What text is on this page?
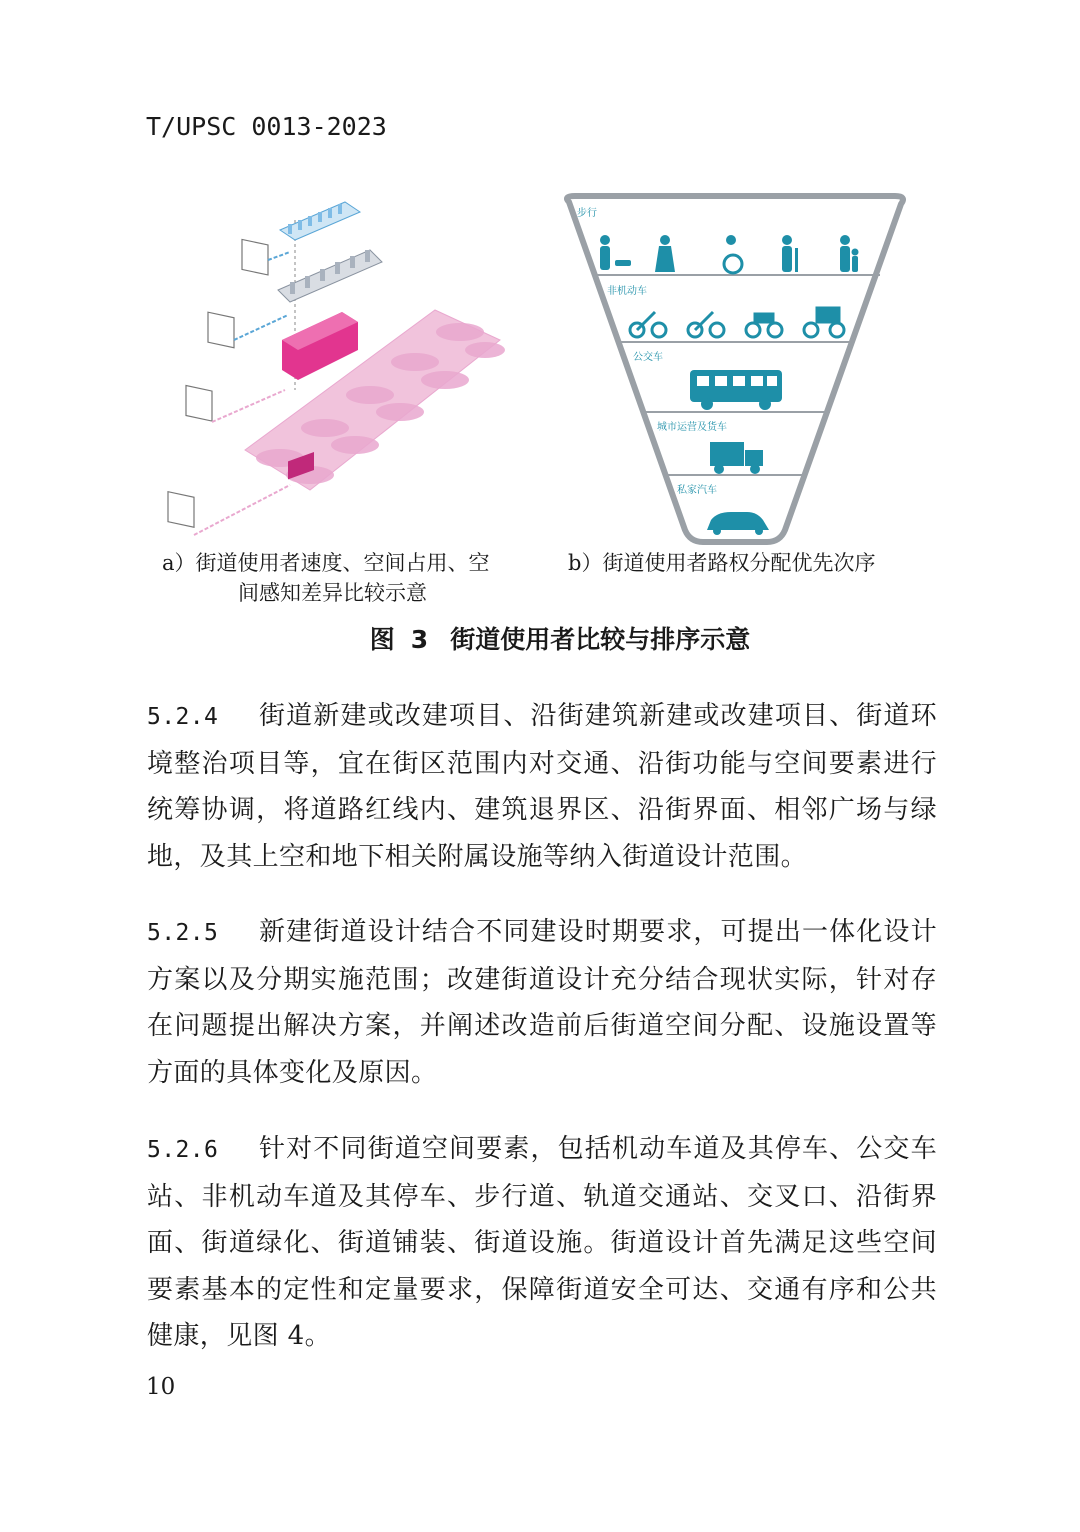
T/UPSC 0013-2023
步行
非机动车
公交车
城市运营及货车
私家汽车
a）街道使用者速度、空间占用、空
间感知差异比较示意
b）街道使用者路权分配优先次序
图 3 街道使用者比较与排序示意
5.2.4 街道新建或改建项目、沿街建筑新建或改建项目、街道环境整治项目等，宜在街区范围内对交通、沿街功能与空间要素进行统筹协调，将道路红线内、建筑退界区、沿街界面、相邻广场与绿地，及其上空和地下相关附属设施等纳入街道设计范围。
5.2.5 新建街道设计结合不同建设时期要求，可提出一体化设计方案以及分期实施范围；改建街道设计充分结合现状实际，针对存在问题提出解决方案，并阐述改造前后街道空间分配、设施设置等方面的具体变化及原因。
5.2.6 针对不同街道空间要素，包括机动车道及其停车、公交车站、非机动车道及其停车、步行道、轨道交通站、交叉口、沿街界面、街道绿化、街道铺装、街道设施。街道设计首先满足这些空间要素基本的定性和定量要求，保障街道安全可达、交通有序和公共健康，见图 4。
10
